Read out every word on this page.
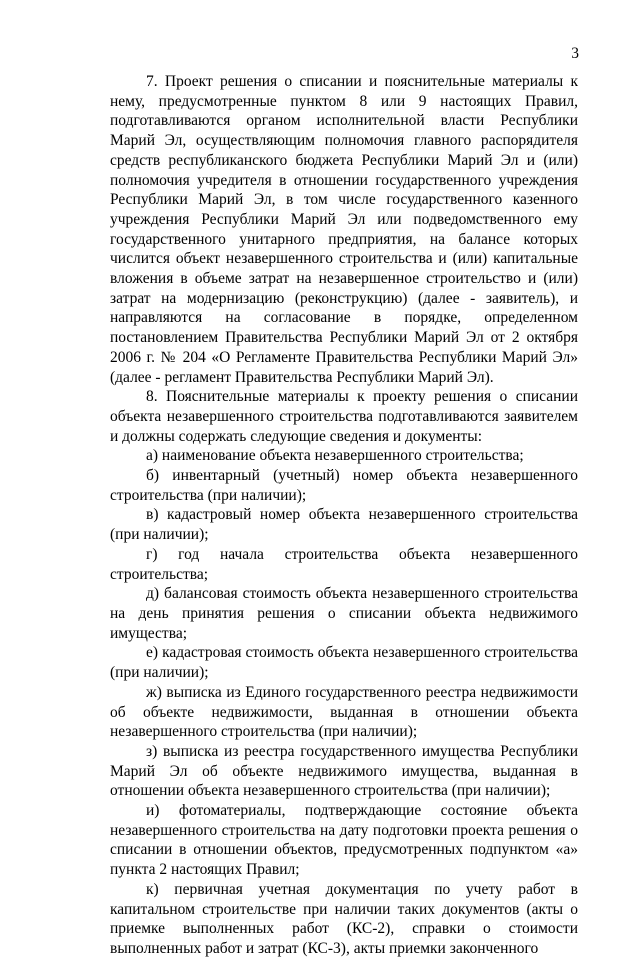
3

7. Проект решения о списании и пояснительные материалы к нему, предусмотренные пунктом 8 или 9 настоящих Правил, подготавливаются органом исполнительной власти Республики Марий Эл, осуществляющим полномочия главного распорядителя средств республиканского бюджета Республики Марий Эл и (или) полномочия учредителя в отношении государственного учреждения Республики Марий Эл, в том числе государственного казенного учреждения Республики Марий Эл или подведомственного ему государственного унитарного предприятия, на балансе которых числится объект незавершенного строительства и (или) капитальные вложения в объеме затрат на незавершенное строительство и (или) затрат на модернизацию (реконструкцию) (далее - заявитель), и направляются на согласование в порядке, определенном постановлением Правительства Республики Марий Эл от 2 октября 2006 г. № 204 «О Регламенте Правительства Республики Марий Эл» (далее - регламент Правительства Республики Марий Эл).

8. Пояснительные материалы к проекту решения о списании объекта незавершенного строительства подготавливаются заявителем и должны содержать следующие сведения и документы:

а) наименование объекта незавершенного строительства;

б) инвентарный (учетный) номер объекта незавершенного строительства (при наличии);

в) кадастровый номер объекта незавершенного строительства (при наличии);

г) год начала строительства объекта незавершенного строительства;

д) балансовая стоимость объекта незавершенного строительства на день принятия решения о списании объекта недвижимого имущества;

е) кадастровая стоимость объекта незавершенного строительства (при наличии);

ж) выписка из Единого государственного реестра недвижимости об объекте недвижимости, выданная в отношении объекта незавершенного строительства (при наличии);

з) выписка из реестра государственного имущества Республики Марий Эл об объекте недвижимого имущества, выданная в отношении объекта незавершенного строительства (при наличии);

и) фотоматериалы, подтверждающие состояние объекта незавершенного строительства на дату подготовки проекта решения о списании в отношении объектов, предусмотренных подпунктом «а» пункта 2 настоящих Правил;

к) первичная учетная документация по учету работ в капитальном строительстве при наличии таких документов (акты о приемке выполненных работ (КС-2), справки о стоимости выполненных работ и затрат (КС-3), акты приемки законченного
